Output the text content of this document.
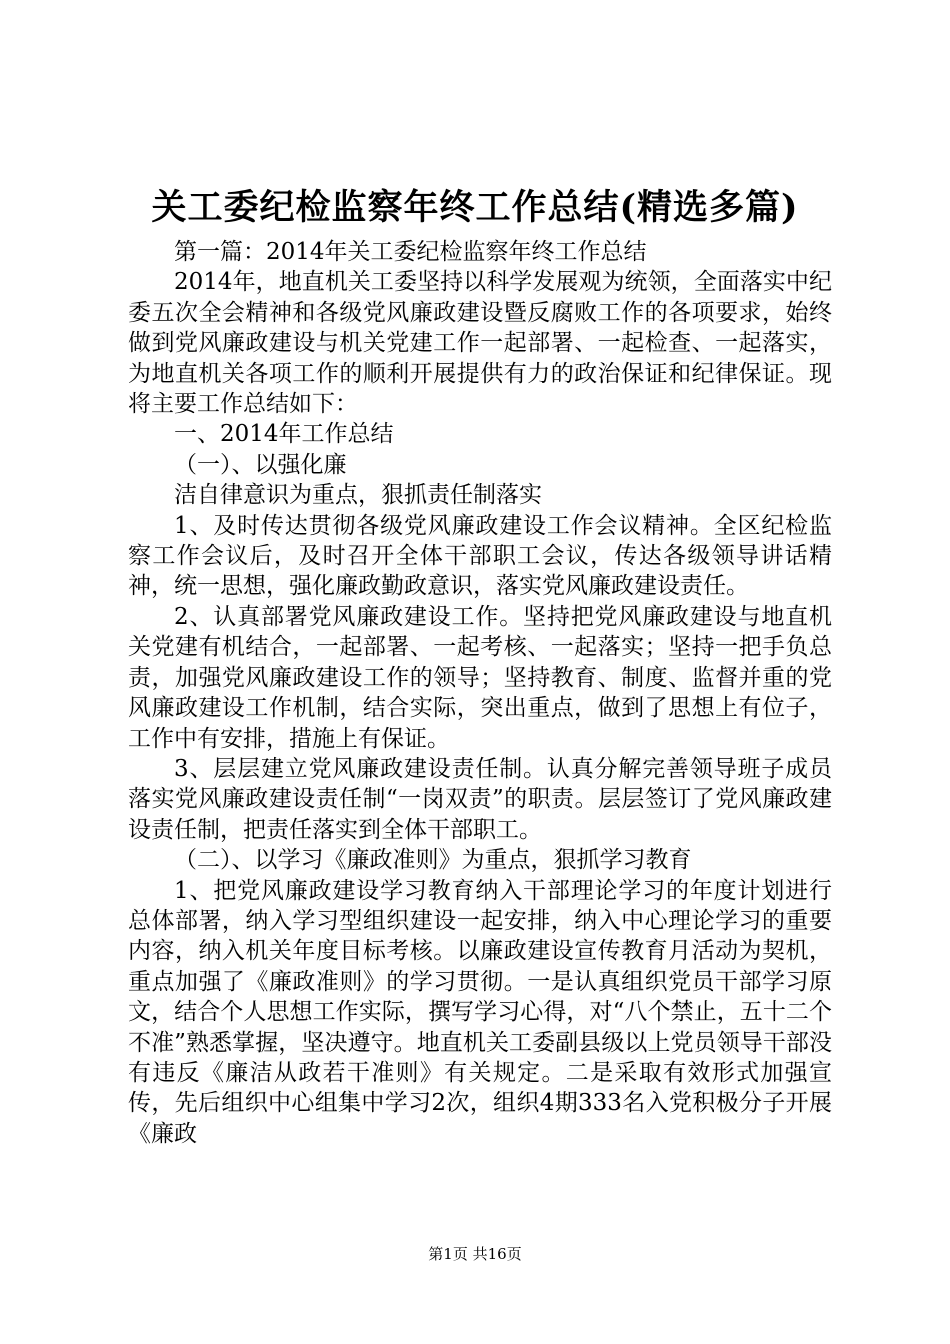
关工委纪检监察年终工作总结(精选多篇)

第一篇：2014年关工委纪检监察年终工作总结

2014年，地直机关工委坚持以科学发展观为统领，全面落实中纪委五次全会精神和各级党风廉政建设暨反腐败工作的各项要求，始终做到党风廉政建设与机关党建工作一起部署、一起检查、一起落实，为地直机关各项工作的顺利开展提供有力的政治保证和纪律保证。现将主要工作总结如下：

一、2014年工作总结

（一）、以强化廉

洁自律意识为重点，狠抓责任制落实

1、及时传达贯彻各级党风廉政建设工作会议精神。全区纪检监察工作会议后，及时召开全体干部职工会议，传达各级领导讲话精神，统一思想，强化廉政勤政意识，落实党风廉政建设责任。

2、认真部署党风廉政建设工作。坚持把党风廉政建设与地直机关党建有机结合，一起部署、一起考核、一起落实；坚持一把手负总责，加强党风廉政建设工作的领导；坚持教育、制度、监督并重的党风廉政建设工作机制，结合实际，突出重点，做到了思想上有位子，工作中有安排，措施上有保证。

3、层层建立党风廉政建设责任制。认真分解完善领导班子成员落实党风廉政建设责任制“一岗双责”的职责。层层签订了党风廉政建设责任制，把责任落实到全体干部职工。

（二）、以学习《廉政准则》为重点，狠抓学习教育

1、把党风廉政建设学习教育纳入干部理论学习的年度计划进行总体部署，纳入学习型组织建设一起安排，纳入中心理论学习的重要内容，纳入机关年度目标考核。以廉政建设宣传教育月活动为契机，重点加强了《廉政准则》的学习贯彻。一是认真组织党员干部学习原文，结合个人思想工作实际，撰写学习心得，对“八个禁止，五十二个不准”熟悉掌握，坚决遵守。地直机关工委副县级以上党员领导干部没有违反《廉洁从政若干准则》有关规定。二是采取有效形式加强宣传，先后组织中心组集中学习2次，组织4期333名入党积极分子开展《廉政

第1页 共16页
